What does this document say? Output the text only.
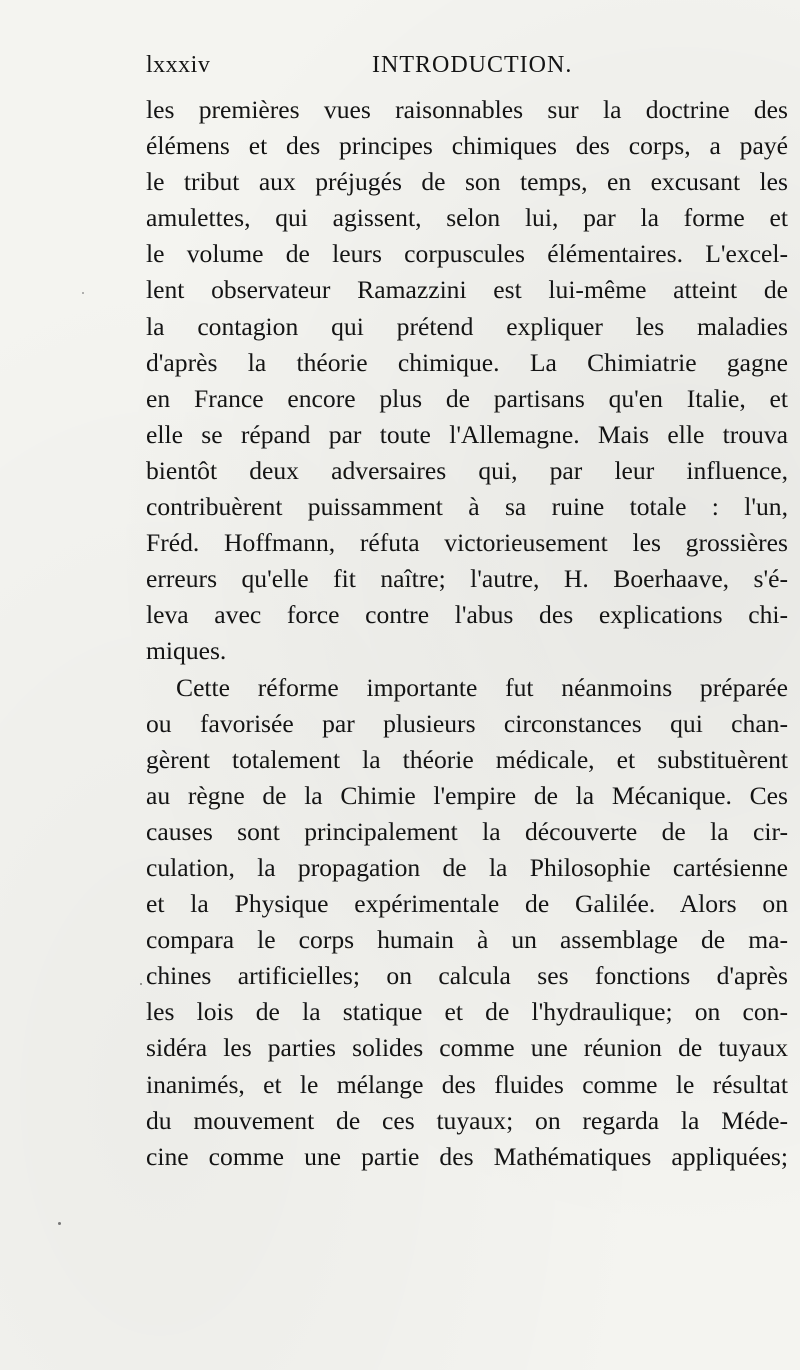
lxxxiv	INTRODUCTION.
les premières vues raisonnables sur la doctrine des
élémens et des principes chimiques des corps, a payé
le tribut aux préjugés de son temps, en excusant les
amulettes, qui agissent, selon lui, par la forme et
le volume de leurs corpuscules élémentaires. L'excel-
lent observateur Ramazzini est lui-même atteint de
la contagion qui prétend expliquer les maladies
d'après la théorie chimique. La Chimiatrie gagne
en France encore plus de partisans qu'en Italie, et
elle se répand par toute l'Allemagne. Mais elle trouva
bientôt deux adversaires qui, par leur influence,
contribuèrent puissamment à sa ruine totale : l'un,
Fréd. Hoffmann, réfuta victorieusement les grossières
erreurs qu'elle fit naître; l'autre, H. Boerhaave, s'é-
leva avec force contre l'abus des explications chi-
miques.
Cette réforme importante fut néanmoins préparée
ou favorisée par plusieurs circonstances qui chan-
gèrent totalement la théorie médicale, et substituèrent
au règne de la Chimie l'empire de la Mécanique. Ces
causes sont principalement la découverte de la cir-
culation, la propagation de la Philosophie cartésienne
et la Physique expérimentale de Galilée. Alors on
compara le corps humain à un assemblage de ma-
chines artificielles; on calcula ses fonctions d'après
les lois de la statique et de l'hydraulique; on con-
sidéra les parties solides comme une réunion de tuyaux
inanimés, et le mélange des fluides comme le résultat
du mouvement de ces tuyaux; on regarda la Méde-
cine comme une partie des Mathématiques appliquées;
